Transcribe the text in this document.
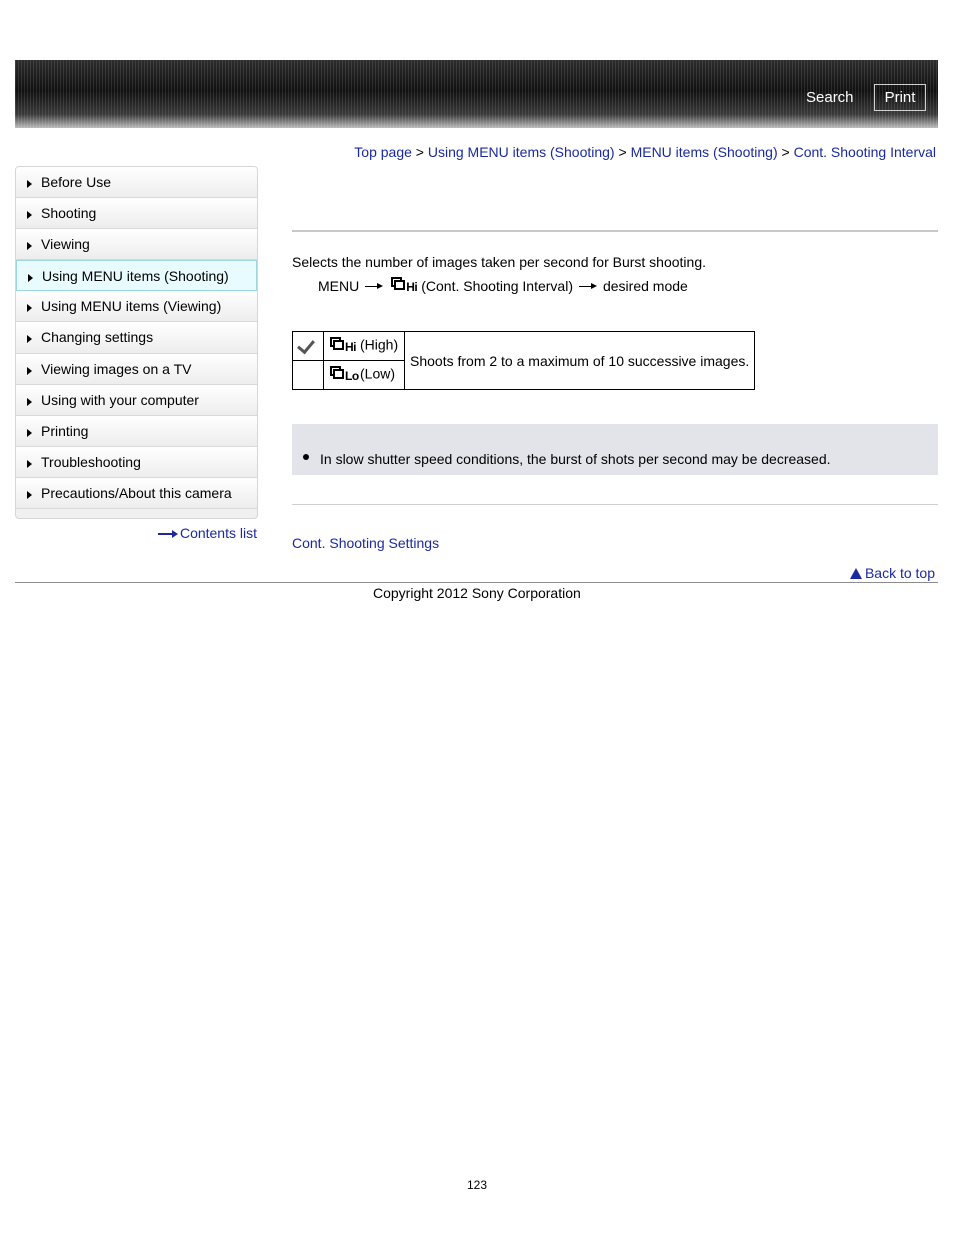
Search	Print
Top page > Using MENU items (Shooting) > MENU items (Shooting) > Cont. Shooting Interval
Before Use
Shooting
Viewing
Using MENU items (Shooting)
Using MENU items (Viewing)
Changing settings
Viewing images on a TV
Using with your computer
Printing
Troubleshooting
Precautions/About this camera
Contents list
Selects the number of images taken per second for Burst shooting.
MENU	Hi (Cont. Shooting Interval) desired mode

	Hi (High)	Shoots from 2 to a maximum of 10 successive images.

	Lo (Low)	
In slow shutter speed conditions, the burst of shots per second may be decreased.
Cont. Shooting Settings
Back to top
Copyright 2012 Sony Corporation
123
